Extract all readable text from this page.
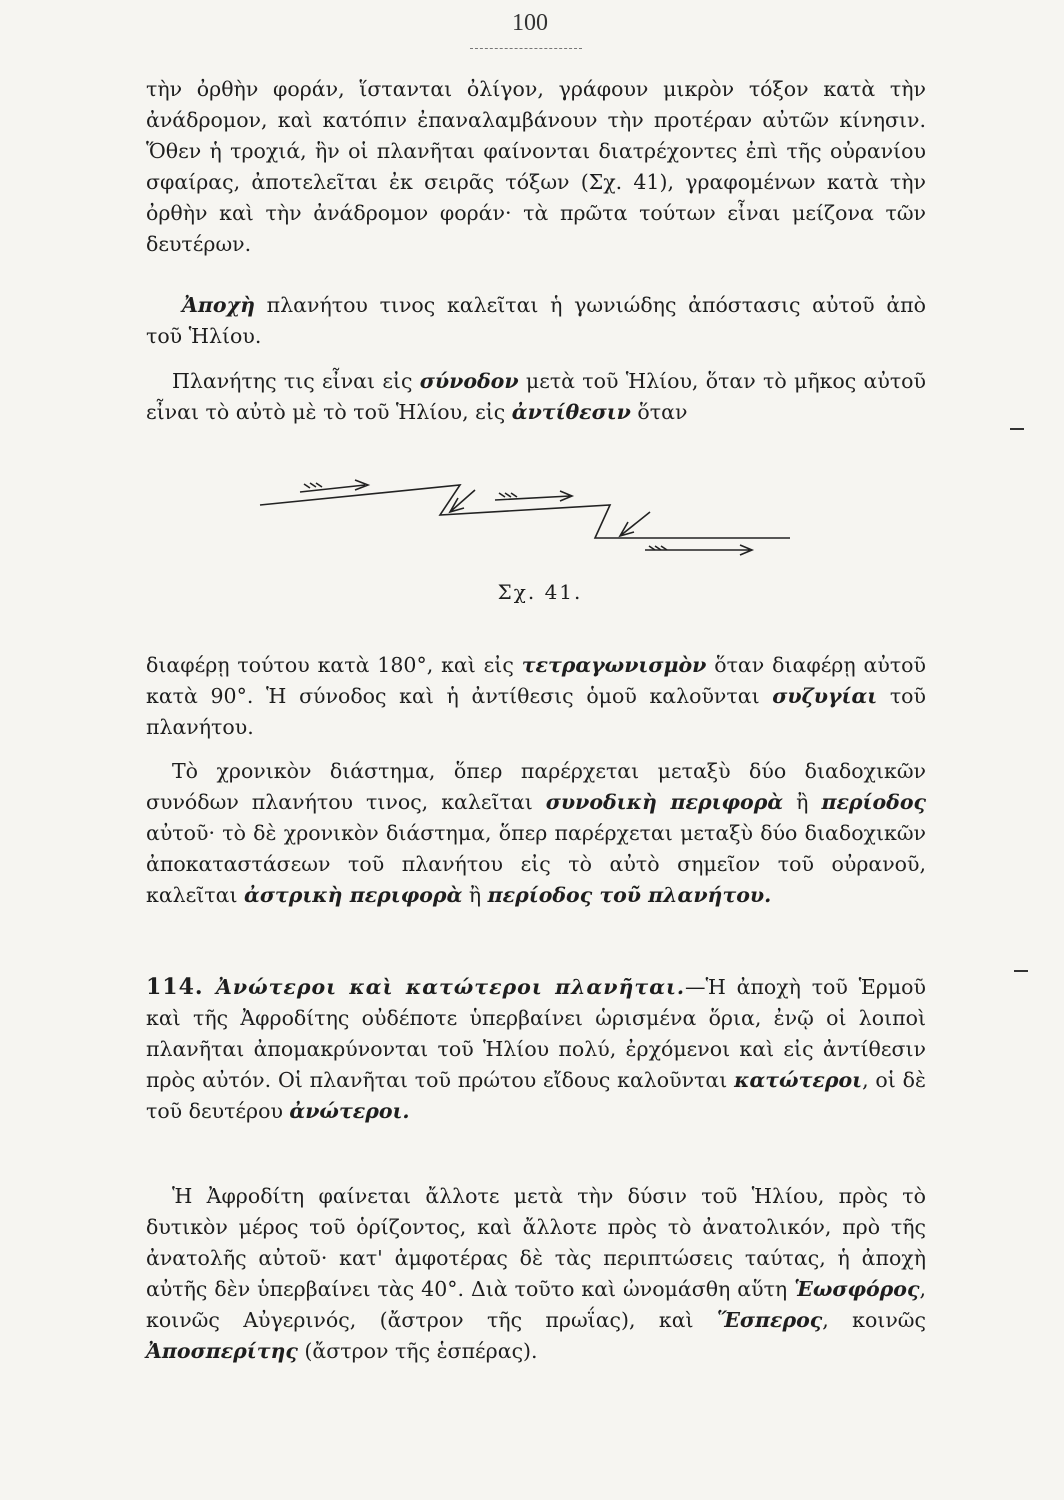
100

τὴν ὀρθὴν φοράν, ἵστανται ὀλίγον, γράφουν μικρὸν τόξον κατὰ τὴν ἀνάδρομον, καὶ κατόπιν ἐπαναλαμβάνουν τὴν προτέραν αὐτῶν κίνησιν. Ὅθεν ἡ τροχιά, ἣν οἱ πλανῆται φαίνονται διατρέχοντες ἐπὶ τῆς οὐρανίου σφαίρας, ἀποτελεῖται ἐκ σειρᾶς τόξων (Σχ. 41), γραφομένων κατὰ τὴν ὀρθὴν καὶ τὴν ἀνάδρομον φοράν· τὰ πρῶτα τούτων εἶναι μείζονα τῶν δευτέρων.

Ἀποχὴ πλανήτου τινος καλεῖται ἡ γωνιώδης ἀπόστασις αὐτοῦ ἀπὸ τοῦ Ἡλίου.

Πλανήτης τις εἶναι εἰς σύνοδον μετὰ τοῦ Ἡλίου, ὅταν τὸ μῆκος αὐτοῦ εἶναι τὸ αὐτὸ μὲ τὸ τοῦ Ἡλίου, εἰς ἀντίθεσιν ὅταν

Σχ. 41.

διαφέρῃ τούτου κατὰ 180°, καὶ εἰς τετραγωνισμὸν ὅταν διαφέρῃ αὐτοῦ κατὰ 90°. Ἡ σύνοδος καὶ ἡ ἀντίθεσις ὁμοῦ καλοῦνται συζυγίαι τοῦ πλανήτου.

Τὸ χρονικὸν διάστημα, ὅπερ παρέρχεται μεταξὺ δύο διαδοχικῶν συνόδων πλανήτου τινος, καλεῖται συνοδικὴ περιφορὰ ἢ περίοδος αὐτοῦ· τὸ δὲ χρονικὸν διάστημα, ὅπερ παρέρχεται μεταξὺ δύο διαδοχικῶν ἀποκαταστάσεων τοῦ πλανήτου εἰς τὸ αὐτὸ σημεῖον τοῦ οὐρανοῦ, καλεῖται ἀστρικὴ περιφορὰ ἢ περίοδος τοῦ πλανήτου.

114. Ἀνώτεροι καὶ κατώτεροι πλανῆται.—Ἡ ἀποχὴ τοῦ Ἑρμοῦ καὶ τῆς Ἀφροδίτης οὐδέποτε ὑπερβαίνει ὡρισμένα ὅρια, ἐνῷ οἱ λοιποὶ πλανῆται ἀπομακρύνονται τοῦ Ἡλίου πολύ, ἐρχόμενοι καὶ εἰς ἀντίθεσιν πρὸς αὐτόν. Οἱ πλανῆται τοῦ πρώτου εἴδους καλοῦνται κατώτεροι, οἱ δὲ τοῦ δευτέρου ἀνώτεροι.

Ἡ Ἀφροδίτη φαίνεται ἄλλοτε μετὰ τὴν δύσιν τοῦ Ἡλίου, πρὸς τὸ δυτικὸν μέρος τοῦ ὁρίζοντος, καὶ ἄλλοτε πρὸς τὸ ἀνατολικόν, πρὸ τῆς ἀνατολῆς αὐτοῦ· κατ' ἀμφοτέρας δὲ τὰς περιπτώσεις ταύτας, ἡ ἀποχὴ αὐτῆς δὲν ὑπερβαίνει τὰς 40°. Διὰ τοῦτο καὶ ὠνομάσθη αὕτη Ἑωσφόρος, κοινῶς Αὐγερινός, (ἄστρον τῆς πρωΐας), καὶ Ἕσπερος, κοινῶς Ἀποσπερίτης (ἄστρον τῆς ἑσπέρας).
